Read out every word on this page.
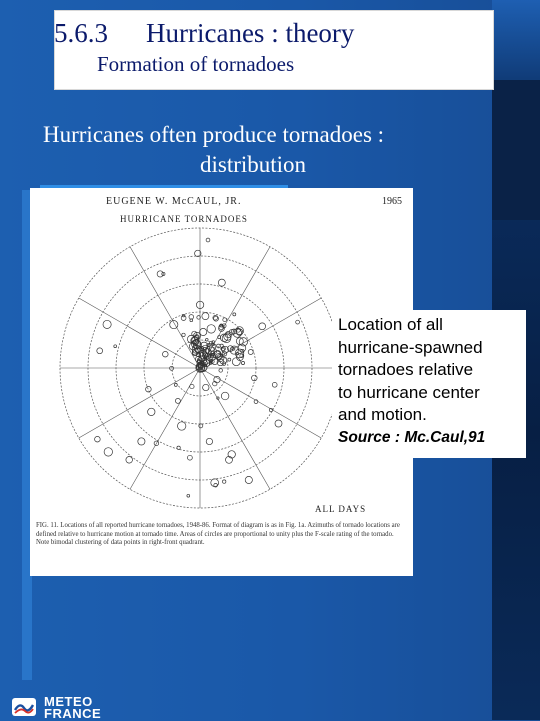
5.6.3 Hurricanes : theory
Formation of tornadoes
Hurricanes often produce tornadoes :
distribution
EUGENE W. McCAUL, JR.	1965
HURRICANE TORNADOES
ALL DAYS
FIG. 11. Locations of all reported hurricane tornadoes, 1948-86. Format of diagram is as in Fig. 1a. Azimuths of tornado locations are defined relative to hurricane motion at tornado time. Areas of circles are proportional to unity plus the F-scale rating of the tornado. Note bimodal clustering of data points in right-front quadrant.
Location of all
hurricane-spawned
tornadoes relative
to hurricane center
and motion.
Source : Mc.Caul,91
METEO
FRANCE
